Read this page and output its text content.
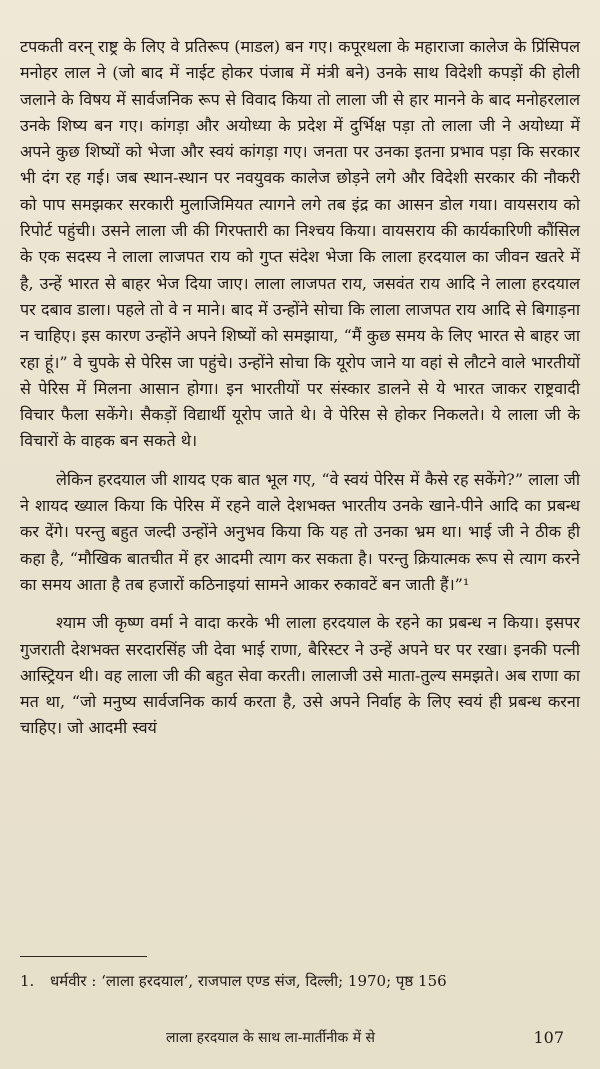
टपकती वरन् राष्ट्र के लिए वे प्रतिरूप (माडल) बन गए। कपूरथला के महाराजा कालेज के प्रिंसिपल मनोहर लाल ने (जो बाद में नाईट होकर पंजाब में मंत्री बने) उनके साथ विदेशी कपड़ों की होली जलाने के विषय में सार्वजनिक रूप से विवाद किया तो लाला जी से हार मानने के बाद मनोहरलाल उनके शिष्य बन गए। कांगड़ा और अयोध्या के प्रदेश में दुर्भिक्ष पड़ा तो लाला जी ने अयोध्या में अपने कुछ शिष्यों को भेजा और स्वयं कांगड़ा गए। जनता पर उनका इतना प्रभाव पड़ा कि सरकार भी दंग रह गई। जब स्थान-स्थान पर नवयुवक कालेज छोड़ने लगे और विदेशी सरकार की नौकरी को पाप समझकर सरकारी मुलाजिमियत त्यागने लगे तब इंद्र का आसन डोल गया। वायसराय को रिपोर्ट पहुंची। उसने लाला जी की गिरफ्तारी का निश्चय किया। वायसराय की कार्यकारिणी कौंसिल के एक सदस्य ने लाला लाजपत राय को गुप्त संदेश भेजा कि लाला हरदयाल का जीवन खतरे में है, उन्हें भारत से बाहर भेज दिया जाए। लाला लाजपत राय, जसवंत राय आदि ने लाला हरदयाल पर दबाव डाला। पहले तो वे न माने। बाद में उन्होंने सोचा कि लाला लाजपत राय आदि से बिगाड़ना न चाहिए। इस कारण उन्होंने अपने शिष्यों को समझाया, “मैं कुछ समय के लिए भारत से बाहर जा रहा हूं।” वे चुपके से पेरिस जा पहुंचे। उन्होंने सोचा कि यूरोप जाने या वहां से लौटने वाले भारतीयों से पेरिस में मिलना आसान होगा। इन भारतीयों पर संस्कार डालने से ये भारत जाकर राष्ट्रवादी विचार फैला सकेंगे। सैकड़ों विद्यार्थी यूरोप जाते थे। वे पेरिस से होकर निकलते। ये लाला जी के विचारों के वाहक बन सकते थे।

लेकिन हरदयाल जी शायद एक बात भूल गए, “वे स्वयं पेरिस में कैसे रह सकेंगे?” लाला जी ने शायद ख्याल किया कि पेरिस में रहने वाले देशभक्त भारतीय उनके खाने-पीने आदि का प्रबन्ध कर देंगे। परन्तु बहुत जल्दी उन्होंने अनुभव किया कि यह तो उनका भ्रम था। भाई जी ने ठीक ही कहा है, “मौखिक बातचीत में हर आदमी त्याग कर सकता है। परन्तु क्रियात्मक रूप से त्याग करने का समय आता है तब हजारों कठिनाइयां सामने आकर रुकावटें बन जाती हैं।”¹

श्याम जी कृष्ण वर्मा ने वादा करके भी लाला हरदयाल के रहने का प्रबन्ध न किया। इसपर गुजराती देशभक्त सरदारसिंह जी देवा भाई राणा, बैरिस्टर ने उन्हें अपने घर पर रखा। इनकी पत्नी आस्ट्रियन थी। वह लाला जी की बहुत सेवा करती। लालाजी उसे माता-तुल्य समझते। अब राणा का मत था, “जो मनुष्य सार्वजनिक कार्य करता है, उसे अपने निर्वाह के लिए स्वयं ही प्रबन्ध करना चाहिए। जो आदमी स्वयं

1. धर्मवीर : ‘लाला हरदयाल’, राजपाल एण्ड संज, दिल्ली; 1970; पृष्ठ 156
लाला हरदयाल के साथ ला-मार्तीनीक में से	107
